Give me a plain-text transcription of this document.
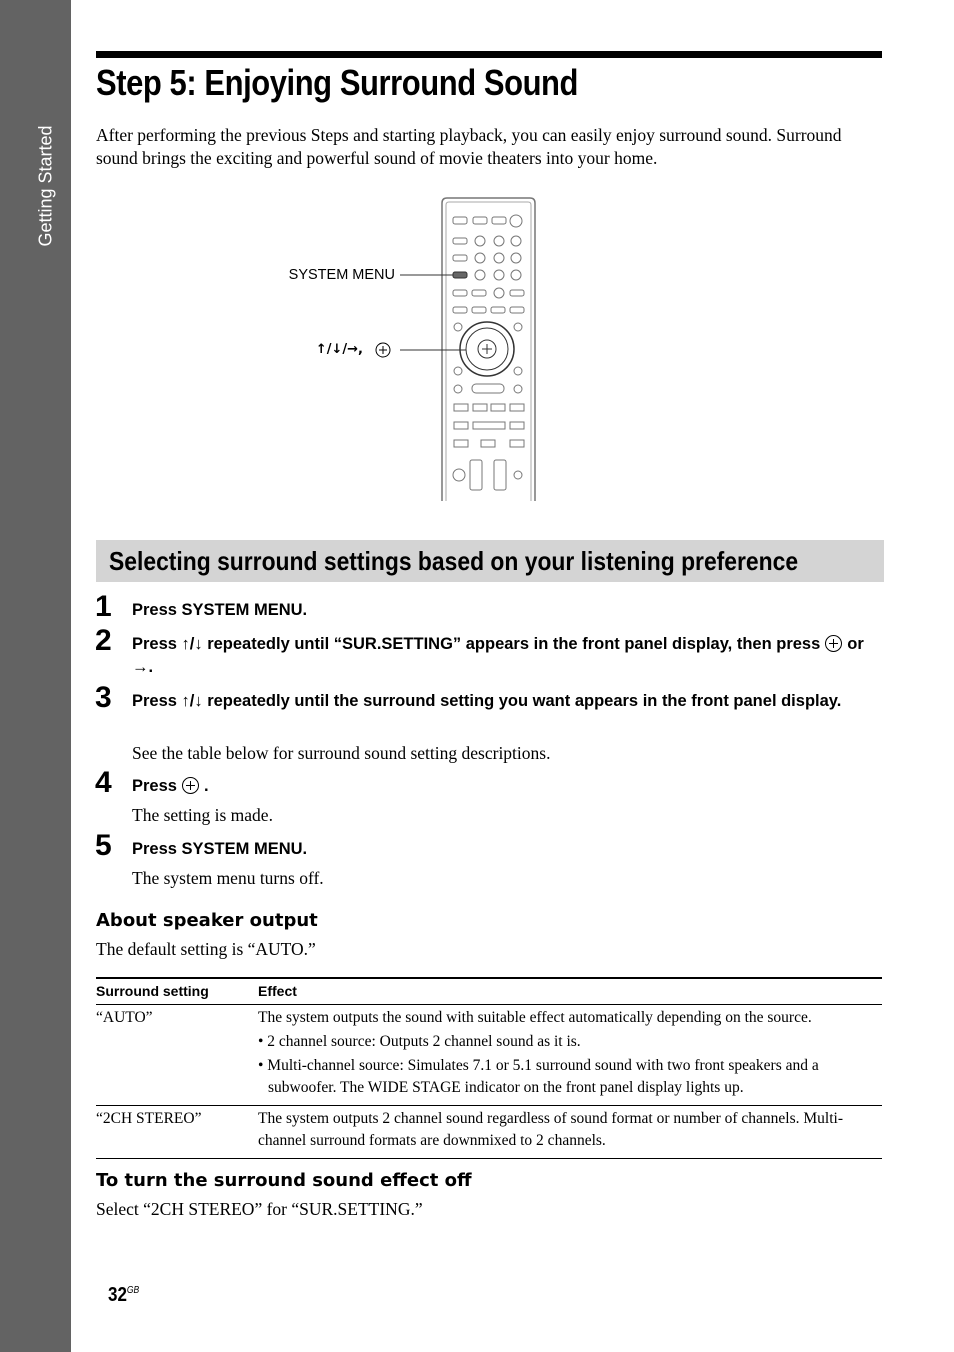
Getting Started
Step 5: Enjoying Surround Sound

After performing the previous Steps and starting playback, you can easily enjoy surround sound. Surround sound brings the exciting and powerful sound of movie theaters into your home.

SYSTEM MENU
↑/↓/→,
Selecting surround settings based on your listening preference
1 Press SYSTEM MENU.
2 Press ↑/↓ repeatedly until “SUR.SETTING” appears in the front panel display, then press or →.
3 Press ↑/↓ repeatedly until the surround setting you want appears in the front panel display.
See the table below for surround sound setting descriptions.
4 Press .
The setting is made.
5 Press SYSTEM MENU.
The system menu turns off.
About speaker output

The default setting is “AUTO.”

Surround setting	Effect
“AUTO”	The system outputs the sound with suitable effect automatically depending on the source.

• 2 channel source: Outputs 2 channel sound as it is.

• Multi-channel source: Simulates 7.1 or 5.1 surround sound with two front speakers and a subwoofer. The WIDE STAGE indicator on the front panel display lights up.

“2CH STEREO”	The system outputs 2 channel sound regardless of sound format or number of channels. Multi-channel surround formats are downmixed to 2 channels.

To turn the surround sound effect off

Select “2CH STEREO” for “SUR.SETTING.”

$32^{GB}$
